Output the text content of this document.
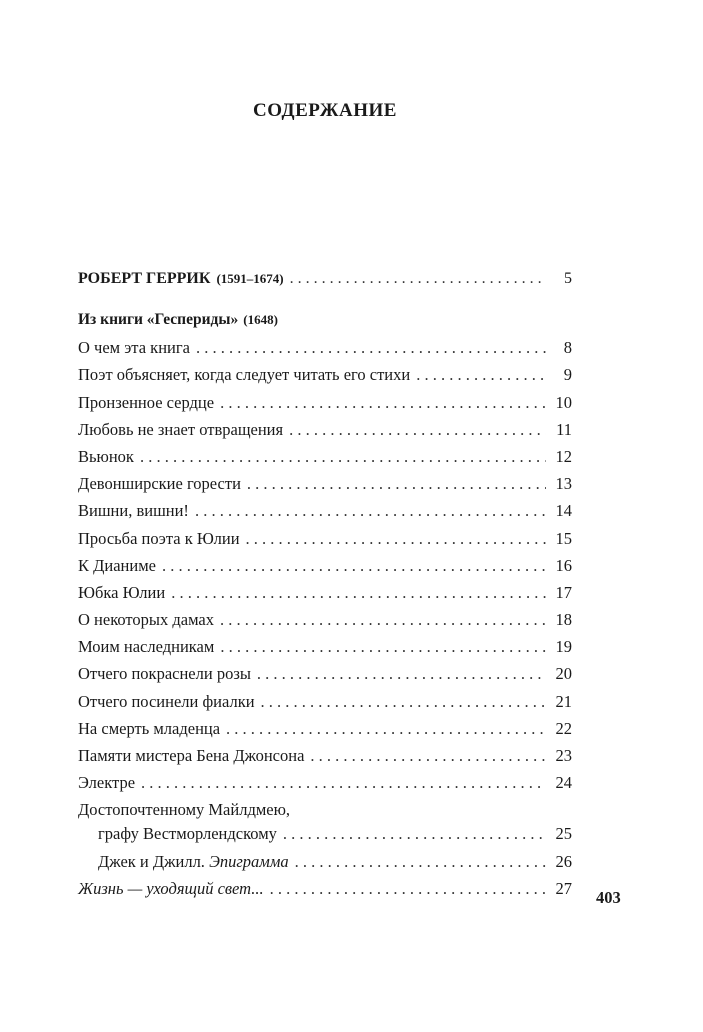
СОДЕРЖАНИЕ
РОБЕРТ ГЕРРИК (1591–1674) . . .	5
Из книги «Геспериды» (1648)
О чем эта книга . . .	8
Поэт объясняет, когда следует читать его стихи . . .	9
Пронзенное сердце . . .	10
Любовь не знает отвращения . . .	11
Вьюнок . . .	12
Девонширские горести . . .	13
Вишни, вишни! . . .	14
Просьба поэта к Юлии . . .	15
К Дианиме . . .	16
Юбка Юлии . . .	17
О некоторых дамах . . .	18
Моим наследникам . . .	19
Отчего покраснели розы . . .	20
Отчего посинели фиалки . . .	21
На смерть младенца . . .	22
Памяти мистера Бена Джонсона . . .	23
Электре . . .	24
Достопочтенному Майлдмею,
графу Вестморлендскому . . .	25
Джек и Джилл. Эпиграмма . . .	26
Жизнь — уходящий свет... . . .	27 403
